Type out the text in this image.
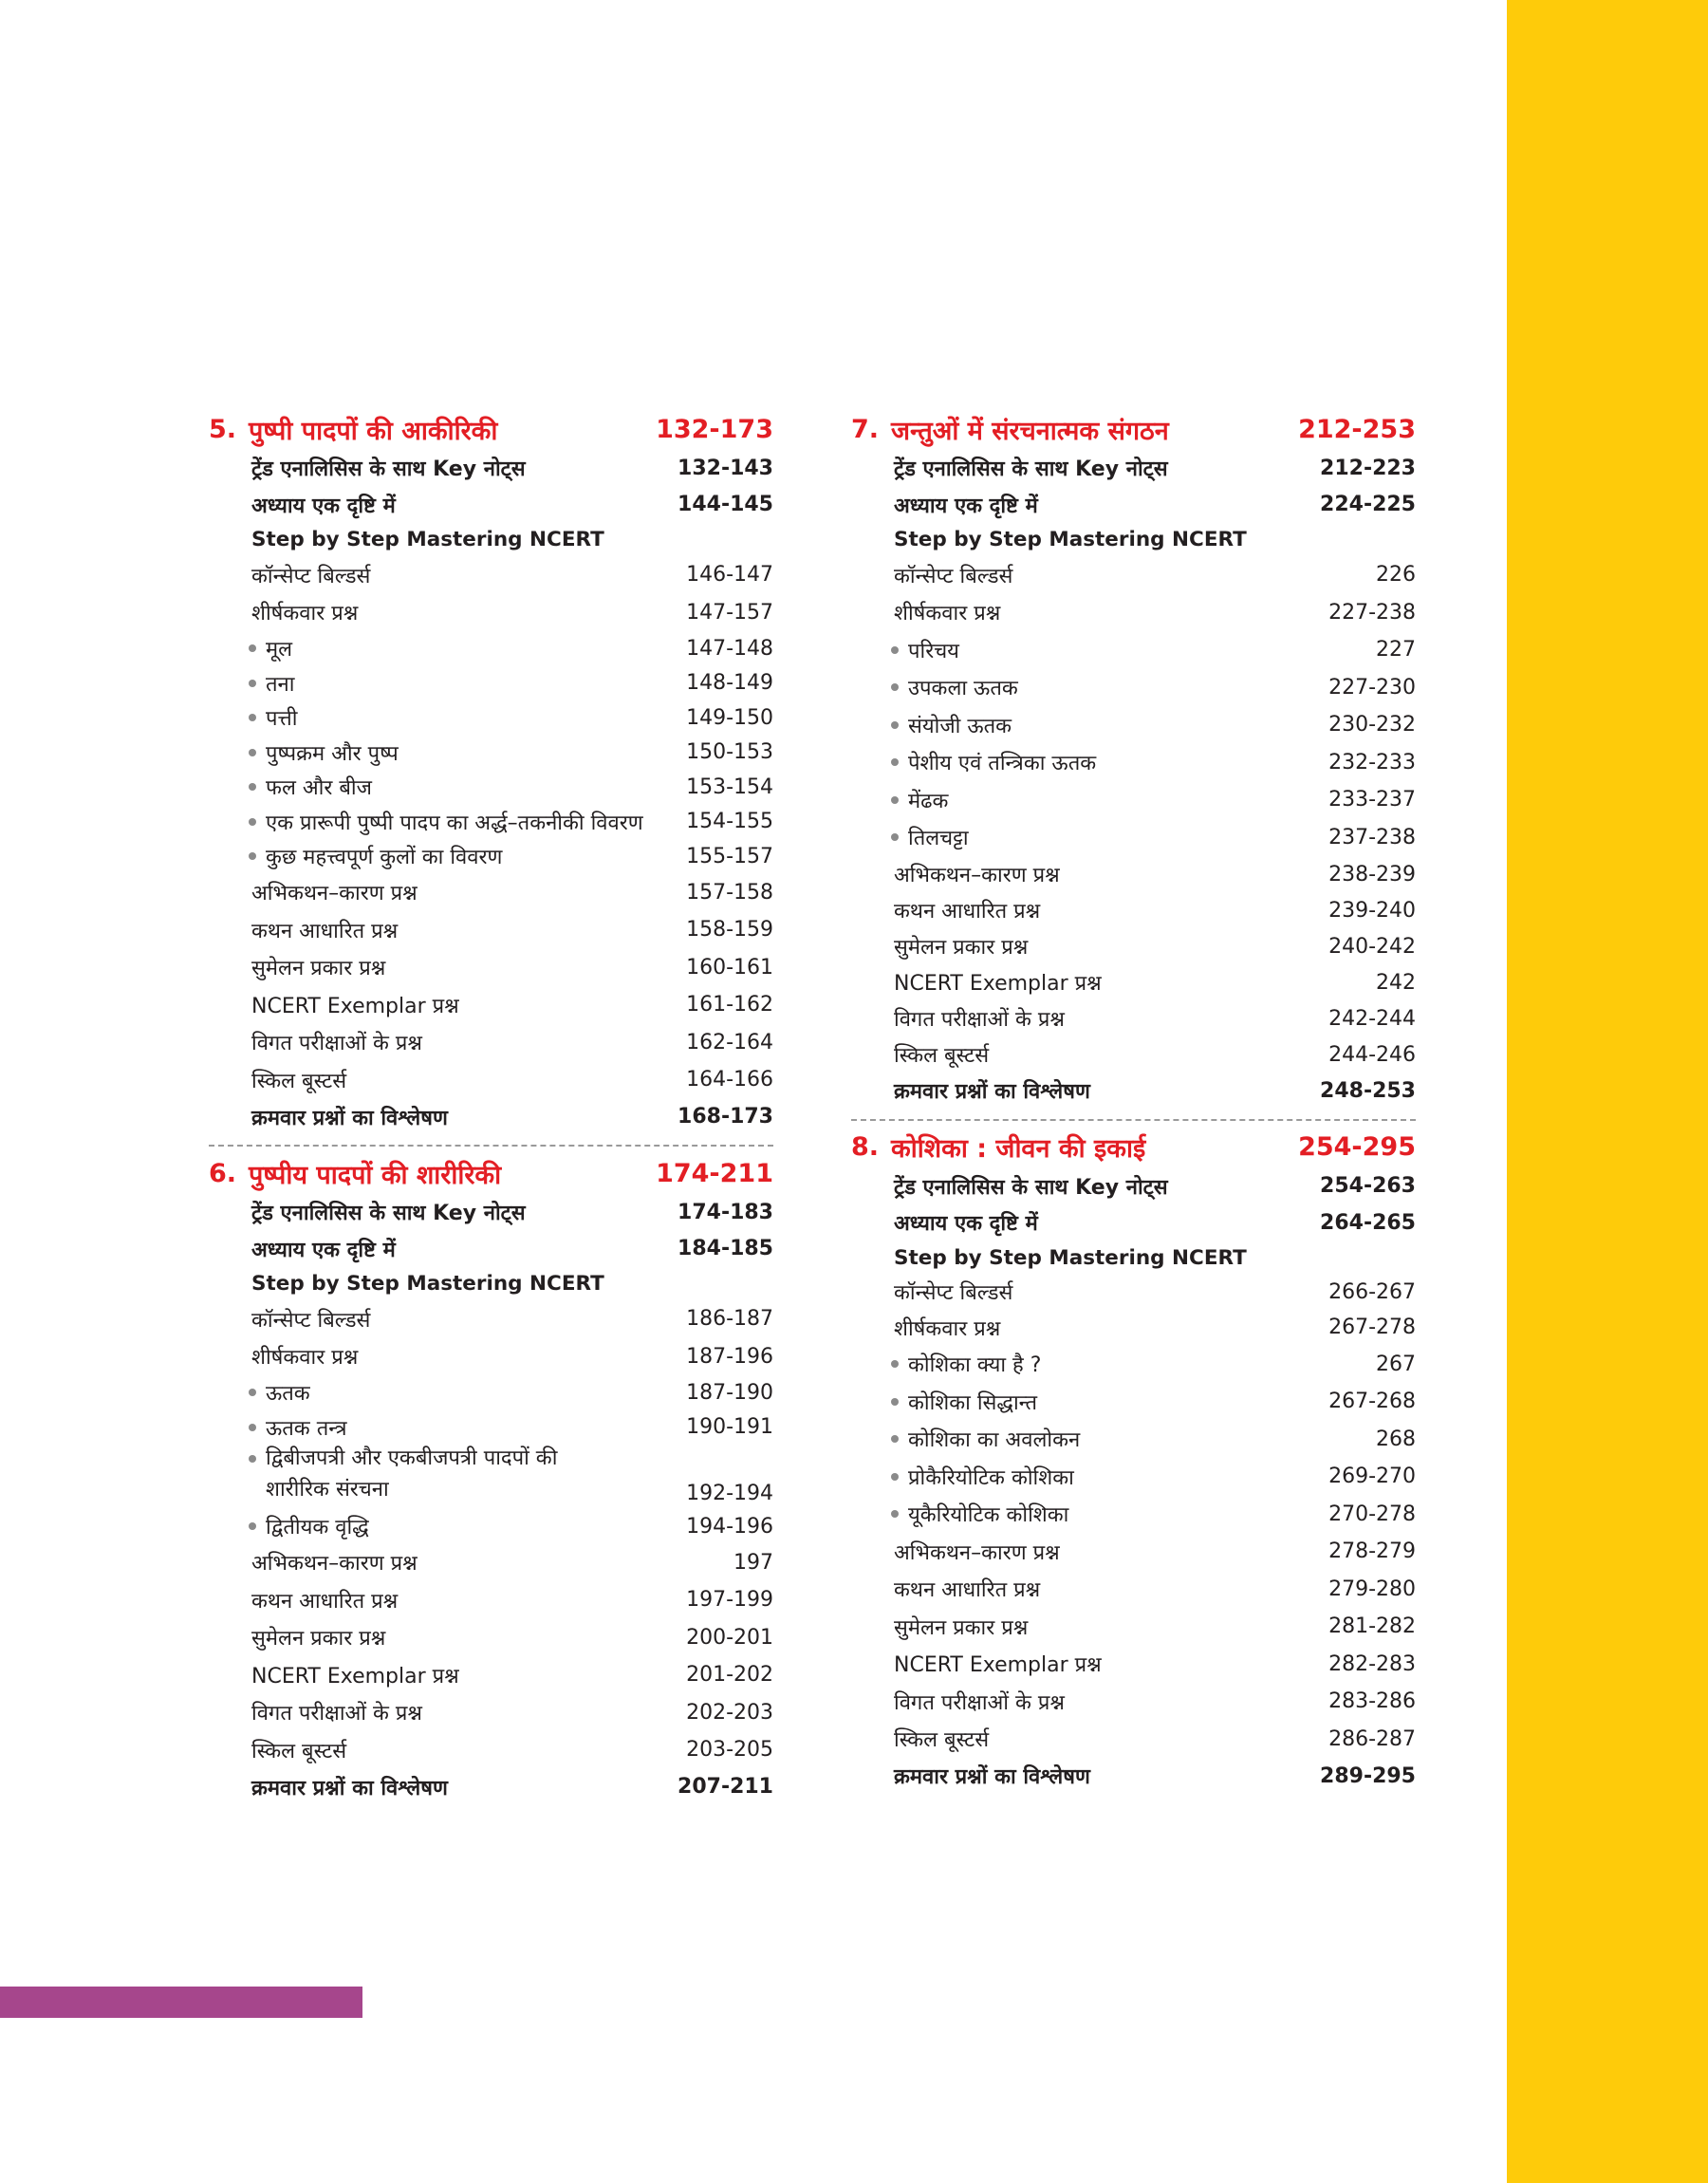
5. पुष्पी पादपों की आकीरिकी	132-173
ट्रेंड एनालिसिस के साथ Key नोट्स	132-143
अध्याय एक दृष्टि में	144-145
Step by Step Mastering NCERT
कॉन्सेप्ट बिल्डर्स	146-147
शीर्षकवार प्रश्न	147-157
मूल	147-148
तना	148-149
पत्ती	149-150
पुष्पक्रम और पुष्प	150-153
फल और बीज	153-154
एक प्रारूपी पुष्पी पादप का अर्द्ध–तकनीकी विवरण 154-155
कुछ महत्त्वपूर्ण कुलों का विवरण	155-157
अभिकथन–कारण प्रश्न	157-158
कथन आधारित प्रश्न	158-159
सुमेलन प्रकार प्रश्न	160-161
NCERT Exemplar प्रश्न	161-162
विगत परीक्षाओं के प्रश्न	162-164
स्किल बूस्टर्स	164-166
क्रमवार प्रश्नों का विश्लेषण	168-173
6. पुष्पीय पादपों की शारीरिकी	174-211
ट्रेंड एनालिसिस के साथ Key नोट्स	174-183
अध्याय एक दृष्टि में	184-185
Step by Step Mastering NCERT
कॉन्सेप्ट बिल्डर्स	186-187
शीर्षकवार प्रश्न	187-196
ऊतक	187-190
ऊतक तन्त्र	190-191
द्विबीजपत्री और एकबीजपत्री पादपों की
शारीरिक संरचना	192-194
द्वितीयक वृद्धि	194-196
अभिकथन–कारण प्रश्न	197
कथन आधारित प्रश्न	197-199
सुमेलन प्रकार प्रश्न	200-201
NCERT Exemplar प्रश्न	201-202
विगत परीक्षाओं के प्रश्न	202-203
स्किल बूस्टर्स	203-205
क्रमवार प्रश्नों का विश्लेषण	207-211
7. जन्तुओं में संरचनात्मक संगठन	212-253
ट्रेंड एनालिसिस के साथ Key नोट्स	212-223
अध्याय एक दृष्टि में	224-225
Step by Step Mastering NCERT
कॉन्सेप्ट बिल्डर्स	226
शीर्षकवार प्रश्न	227-238
परिचय	227
उपकला ऊतक	227-230
संयोजी ऊतक	230-232
पेशीय एवं तन्त्रिका ऊतक	232-233
मेंढक	233-237
तिलचट्टा	237-238
अभिकथन–कारण प्रश्न	238-239
कथन आधारित प्रश्न	239-240
सुमेलन प्रकार प्रश्न	240-242
NCERT Exemplar प्रश्न	242
विगत परीक्षाओं के प्रश्न	242-244
स्किल बूस्टर्स	244-246
क्रमवार प्रश्नों का विश्लेषण	248-253
8. कोशिका : जीवन की इकाई	254-295
ट्रेंड एनालिसिस के साथ Key नोट्स	254-263
अध्याय एक दृष्टि में	264-265
Step by Step Mastering NCERT
कॉन्सेप्ट बिल्डर्स	266-267
शीर्षकवार प्रश्न	267-278
कोशिका क्या है ?	267
कोशिका सिद्धान्त	267-268
कोशिका का अवलोकन	268
प्रोकैरियोटिक कोशिका	269-270
यूकैरियोटिक कोशिका	270-278
अभिकथन–कारण प्रश्न	278-279
कथन आधारित प्रश्न	279-280
सुमेलन प्रकार प्रश्न	281-282
NCERT Exemplar प्रश्न	282-283
विगत परीक्षाओं के प्रश्न	283-286
स्किल बूस्टर्स	286-287
क्रमवार प्रश्नों का विश्लेषण	289-295
